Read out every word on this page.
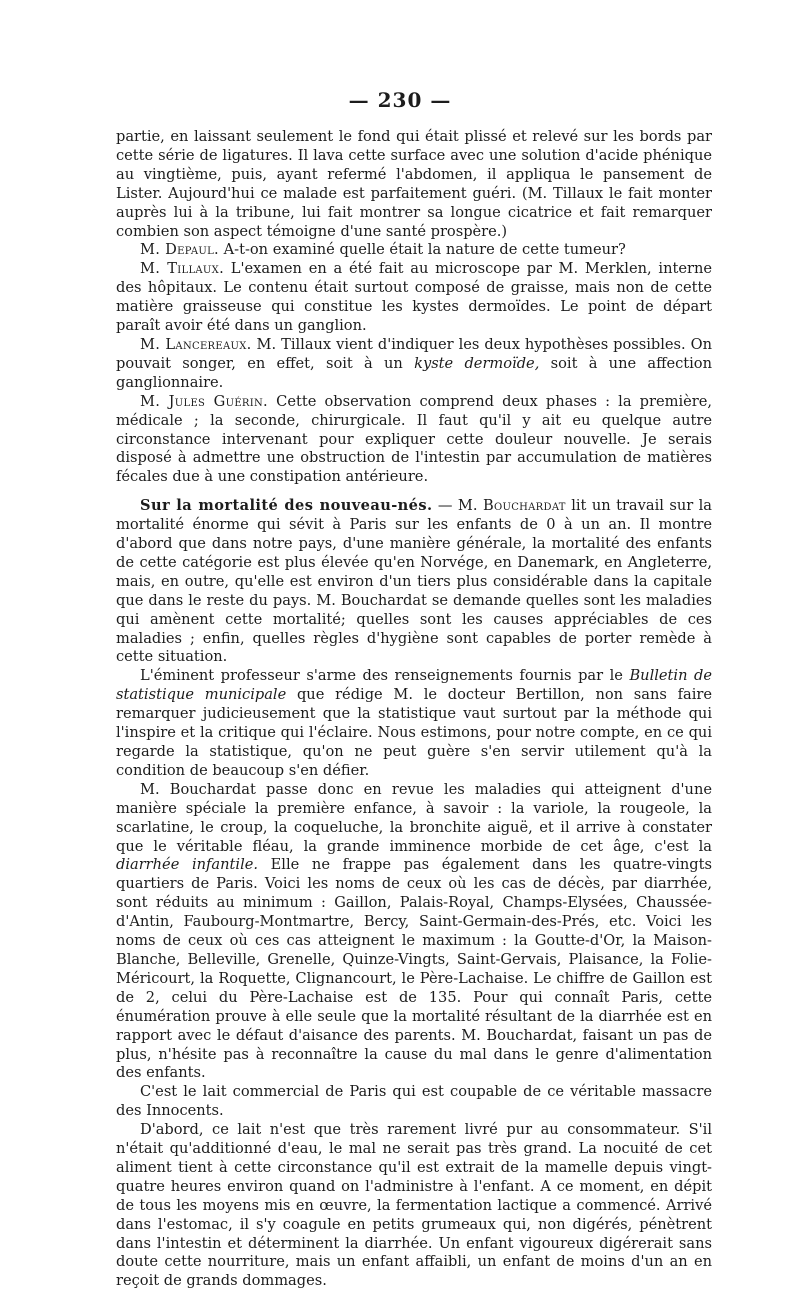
— 230 —

partie, en laissant seulement le fond qui était plissé et relevé sur les bords par cette série de ligatures. Il lava cette surface avec une solution d'acide phénique au vingtième, puis, ayant refermé l'abdomen, il appliqua le pansement de Lister. Aujourd'hui ce malade est parfaitement guéri. (M. Tillaux le fait monter auprès lui à la tribune, lui fait montrer sa longue cicatrice et fait remarquer combien son aspect témoigne d'une santé prospère.)

M. Depaul. A-t-on examiné quelle était la nature de cette tumeur?

M. Tillaux. L'examen en a été fait au microscope par M. Merklen, interne des hôpitaux. Le contenu était surtout composé de graisse, mais non de cette matière graisseuse qui constitue les kystes dermoïdes. Le point de départ paraît avoir été dans un ganglion.

M. Lancereaux. M. Tillaux vient d'indiquer les deux hypothèses possibles. On pouvait songer, en effet, soit à un kyste dermoïde, soit à une affection ganglionnaire.

M. Jules Guérin. Cette observation comprend deux phases : la première, médicale ; la seconde, chirurgicale. Il faut qu'il y ait eu quelque autre circonstance intervenant pour expliquer cette douleur nouvelle. Je serais disposé à admettre une obstruction de l'intestin par accumulation de matières fécales due à une constipation antérieure.

Sur la mortalité des nouveau-nés. — M. Bouchardat lit un travail sur la mortalité énorme qui sévit à Paris sur les enfants de 0 à un an. Il montre d'abord que dans notre pays, d'une manière générale, la mortalité des enfants de cette catégorie est plus élevée qu'en Norvége, en Danemark, en Angleterre, mais, en outre, qu'elle est environ d'un tiers plus considérable dans la capitale que dans le reste du pays. M. Bouchardat se demande quelles sont les maladies qui amènent cette mortalité; quelles sont les causes appréciables de ces maladies ; enfin, quelles règles d'hygiène sont capables de porter remède à cette situation.

L'éminent professeur s'arme des renseignements fournis par le Bulletin de statistique municipale que rédige M. le docteur Bertillon, non sans faire remarquer judicieusement que la statistique vaut surtout par la méthode qui l'inspire et la critique qui l'éclaire. Nous estimons, pour notre compte, en ce qui regarde la statistique, qu'on ne peut guère s'en servir utilement qu'à la condition de beaucoup s'en défier.

M. Bouchardat passe donc en revue les maladies qui atteignent d'une manière spéciale la première enfance, à savoir : la variole, la rougeole, la scarlatine, le croup, la coqueluche, la bronchite aiguë, et il arrive à constater que le véritable fléau, la grande imminence morbide de cet âge, c'est la diarrhée infantile. Elle ne frappe pas également dans les quatre-vingts quartiers de Paris. Voici les noms de ceux où les cas de décès, par diarrhée, sont réduits au minimum : Gaillon, Palais-Royal, Champs-Elysées, Chaussée-d'Antin, Faubourg-Montmartre, Bercy, Saint-Germain-des-Prés, etc. Voici les noms de ceux où ces cas atteignent le maximum : la Goutte-d'Or, la Maison-Blanche, Belleville, Grenelle, Quinze-Vingts, Saint-Gervais, Plaisance, la Folie-Méricourt, la Roquette, Clignancourt, le Père-Lachaise. Le chiffre de Gaillon est de 2, celui du Père-Lachaise est de 135. Pour qui connaît Paris, cette énumération prouve à elle seule que la mortalité résultant de la diarrhée est en rapport avec le défaut d'aisance des parents. M. Bouchardat, faisant un pas de plus, n'hésite pas à reconnaître la cause du mal dans le genre d'alimentation des enfants.

C'est le lait commercial de Paris qui est coupable de ce véritable massacre des Innocents.

D'abord, ce lait n'est que très rarement livré pur au consommateur. S'il n'était qu'additionné d'eau, le mal ne serait pas très grand. La nocuité de cet aliment tient à cette circonstance qu'il est extrait de la mamelle depuis vingt-quatre heures environ quand on l'administre à l'enfant. A ce moment, en dépit de tous les moyens mis en œuvre, la fermentation lactique a commencé. Arrivé dans l'estomac, il s'y coagule en petits grumeaux qui, non digérés, pénètrent dans l'intestin et déterminent la diarrhée. Un enfant vigoureux digérerait sans doute cette nourriture, mais un enfant affaibli, un enfant de moins d'un an en reçoit de grands dommages.
